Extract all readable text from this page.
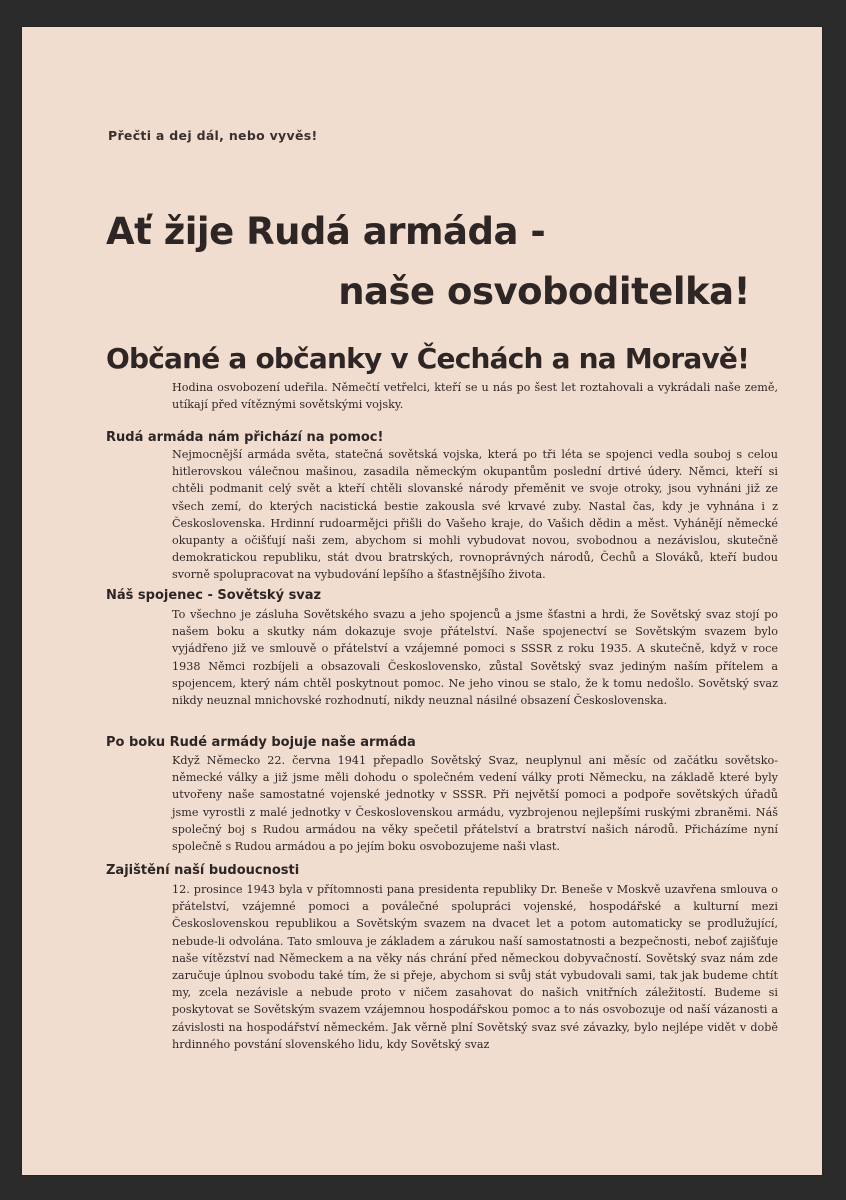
Přečti a dej dál, nebo vyvěs!
Ať žije Rudá armáda -
naše osvoboditelka!
Občané a občanky v Čechách a na Moravě!

Hodina osvobození udeřila. Němečtí vetřelci, kteří se u nás po šest let roztahovali a vykrádali naše země, utíkají před vítěznými sovětskými vojsky.

Rudá armáda nám přichází na pomoc!

Nejmocnější armáda světa, statečná sovětská vojska, která po tři léta se spojenci vedla souboj s celou hitlerovskou válečnou mašinou, zasadila německým okupantům poslední drtivé údery. Němci, kteří si chtěli podmanit celý svět a kteří chtěli slovanské národy přeměnit ve svoje otroky, jsou vyhnáni již ze všech zemí, do kterých nacistická bestie zakousla své krvavé zuby. Nastal čas, kdy je vyhnána i z Československa. Hrdinní rudoarmějci přišli do Vašeho kraje, do Vašich dědin a měst. Vyhánějí německé okupanty a očišťují naši zem, abychom si mohli vybudovat novou, svobodnou a nezávislou, skutečně demokratickou republiku, stát dvou bratrských, rovnoprávných národů, Čechů a Slováků, kteří budou svorně spolupracovat na vybudování lepšího a šťastnějšího života.

Náš spojenec - Sovětský svaz

To všechno je zásluha Sovětského svazu a jeho spojenců a jsme šťastni a hrdi, že Sovětský svaz stojí po našem boku a skutky nám dokazuje svoje přátelství. Naše spojenectví se Sovětským svazem bylo vyjádřeno již ve smlouvě o přátelství a vzájemné pomoci s SSSR z roku 1935. A skutečně, když v roce 1938 Němci rozbíjeli a obsazovali Československo, zůstal Sovětský svaz jediným naším přítelem a spojencem, který nám chtěl poskytnout pomoc. Ne jeho vinou se stalo, že k tomu nedošlo. Sovětský svaz nikdy neuznal mnichovské rozhodnutí, nikdy neuznal násilné obsazení Československa.

Po boku Rudé armády bojuje naše armáda

Když Německo 22. června 1941 přepadlo Sovětský Svaz, neuplynul ani měsíc od začátku sovětsko-německé války a již jsme měli dohodu o společném vedení války proti Německu, na základě které byly utvořeny naše samostatné vojenské jednotky v SSSR. Při největší pomoci a podpoře sovětských úřadů jsme vyrostli z malé jednotky v Československou armádu, vyzbrojenou nejlepšími ruskými zbraněmi. Náš společný boj s Rudou armádou na věky spečetil přátelství a bratrství našich národů. Přicházíme nyní společně s Rudou armádou a po jejím boku osvobozujeme naši vlast.

Zajištění naší budoucnosti

12. prosince 1943 byla v přítomnosti pana presidenta republiky Dr. Beneše v Moskvě uzavřena smlouva o přátelství, vzájemné pomoci a poválečné spolupráci vojenské, hospodářské a kulturní mezi Československou republikou a Sovětským svazem na dvacet let a potom automaticky se prodlužující, nebude-li odvolána. Tato smlouva je základem a zárukou naší samostatnosti a bezpečnosti, neboť zajišťuje naše vítězství nad Německem a na věky nás chrání před německou dobyvačností. Sovětský svaz nám zde zaručuje úplnou svobodu také tím, že si přeje, abychom si svůj stát vybudovali sami, tak jak budeme chtít my, zcela nezávisle a nebude proto v ničem zasahovat do našich vnitřních záležitostí. Budeme si poskytovat se Sovětským svazem vzájemnou hospodářskou pomoc a to nás osvobozuje od naší vázanosti a závislosti na hospodářství německém. Jak věrně plní Sovětský svaz své závazky, bylo nejlépe vidět v době hrdinného povstání slovenského lidu, kdy Sovětský svaz
